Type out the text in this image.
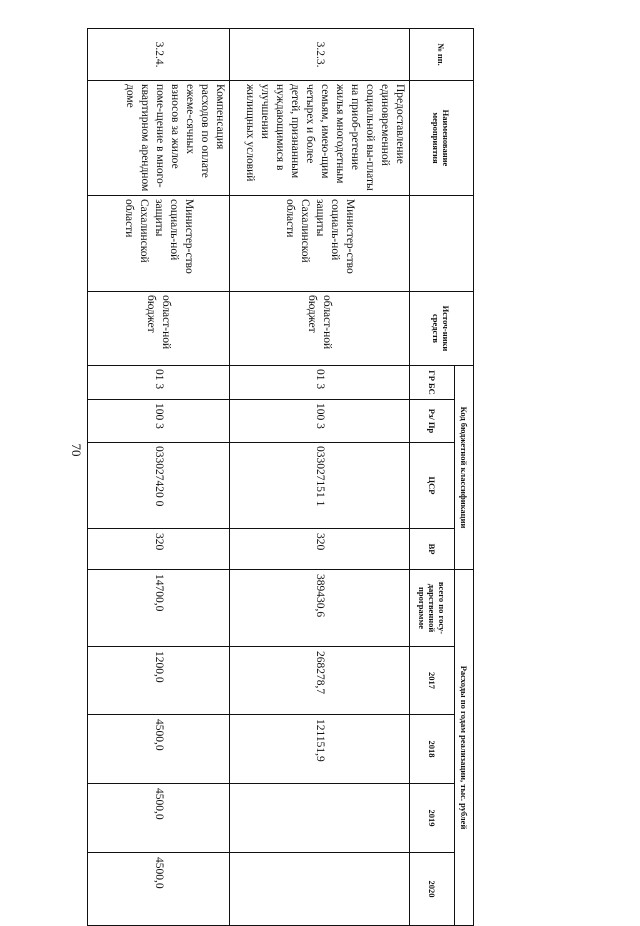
70
№ пп.	Наименование мероприятия		Источ-ники средств	Код бюджетной классификации				Расходы по годам реализации, тыс. рублей				
				ГР БС	Рз/ Пр	ЦСР	ВР	всего по госу-дарственной программе	2017	2018	2019	2020
3.2.3.	Предоставление единовременной социальной вы-платы на приоб-ретение жилья многодетным семьям, имею-щим четырех и более детей, признанным нуждающимися в улучшении жилищных условий	Министер-ство социаль-ной защиты Сахалинской области	област-ной бюджет	01 3	100 3	033027151 1	320	389430,6	268278,7	121151,9		
3.2.4.	Компенсация расходов по оплате ежеме-сячных взносов за жилое поме-щение в много-квартирном арендном доме	Министер-ство социаль-ной защиты Сахалинской области	област-ной бюджет	01 3	100 3	033027420 0	320	14700,0	1200,0	4500,0	4500,0	4500,0
